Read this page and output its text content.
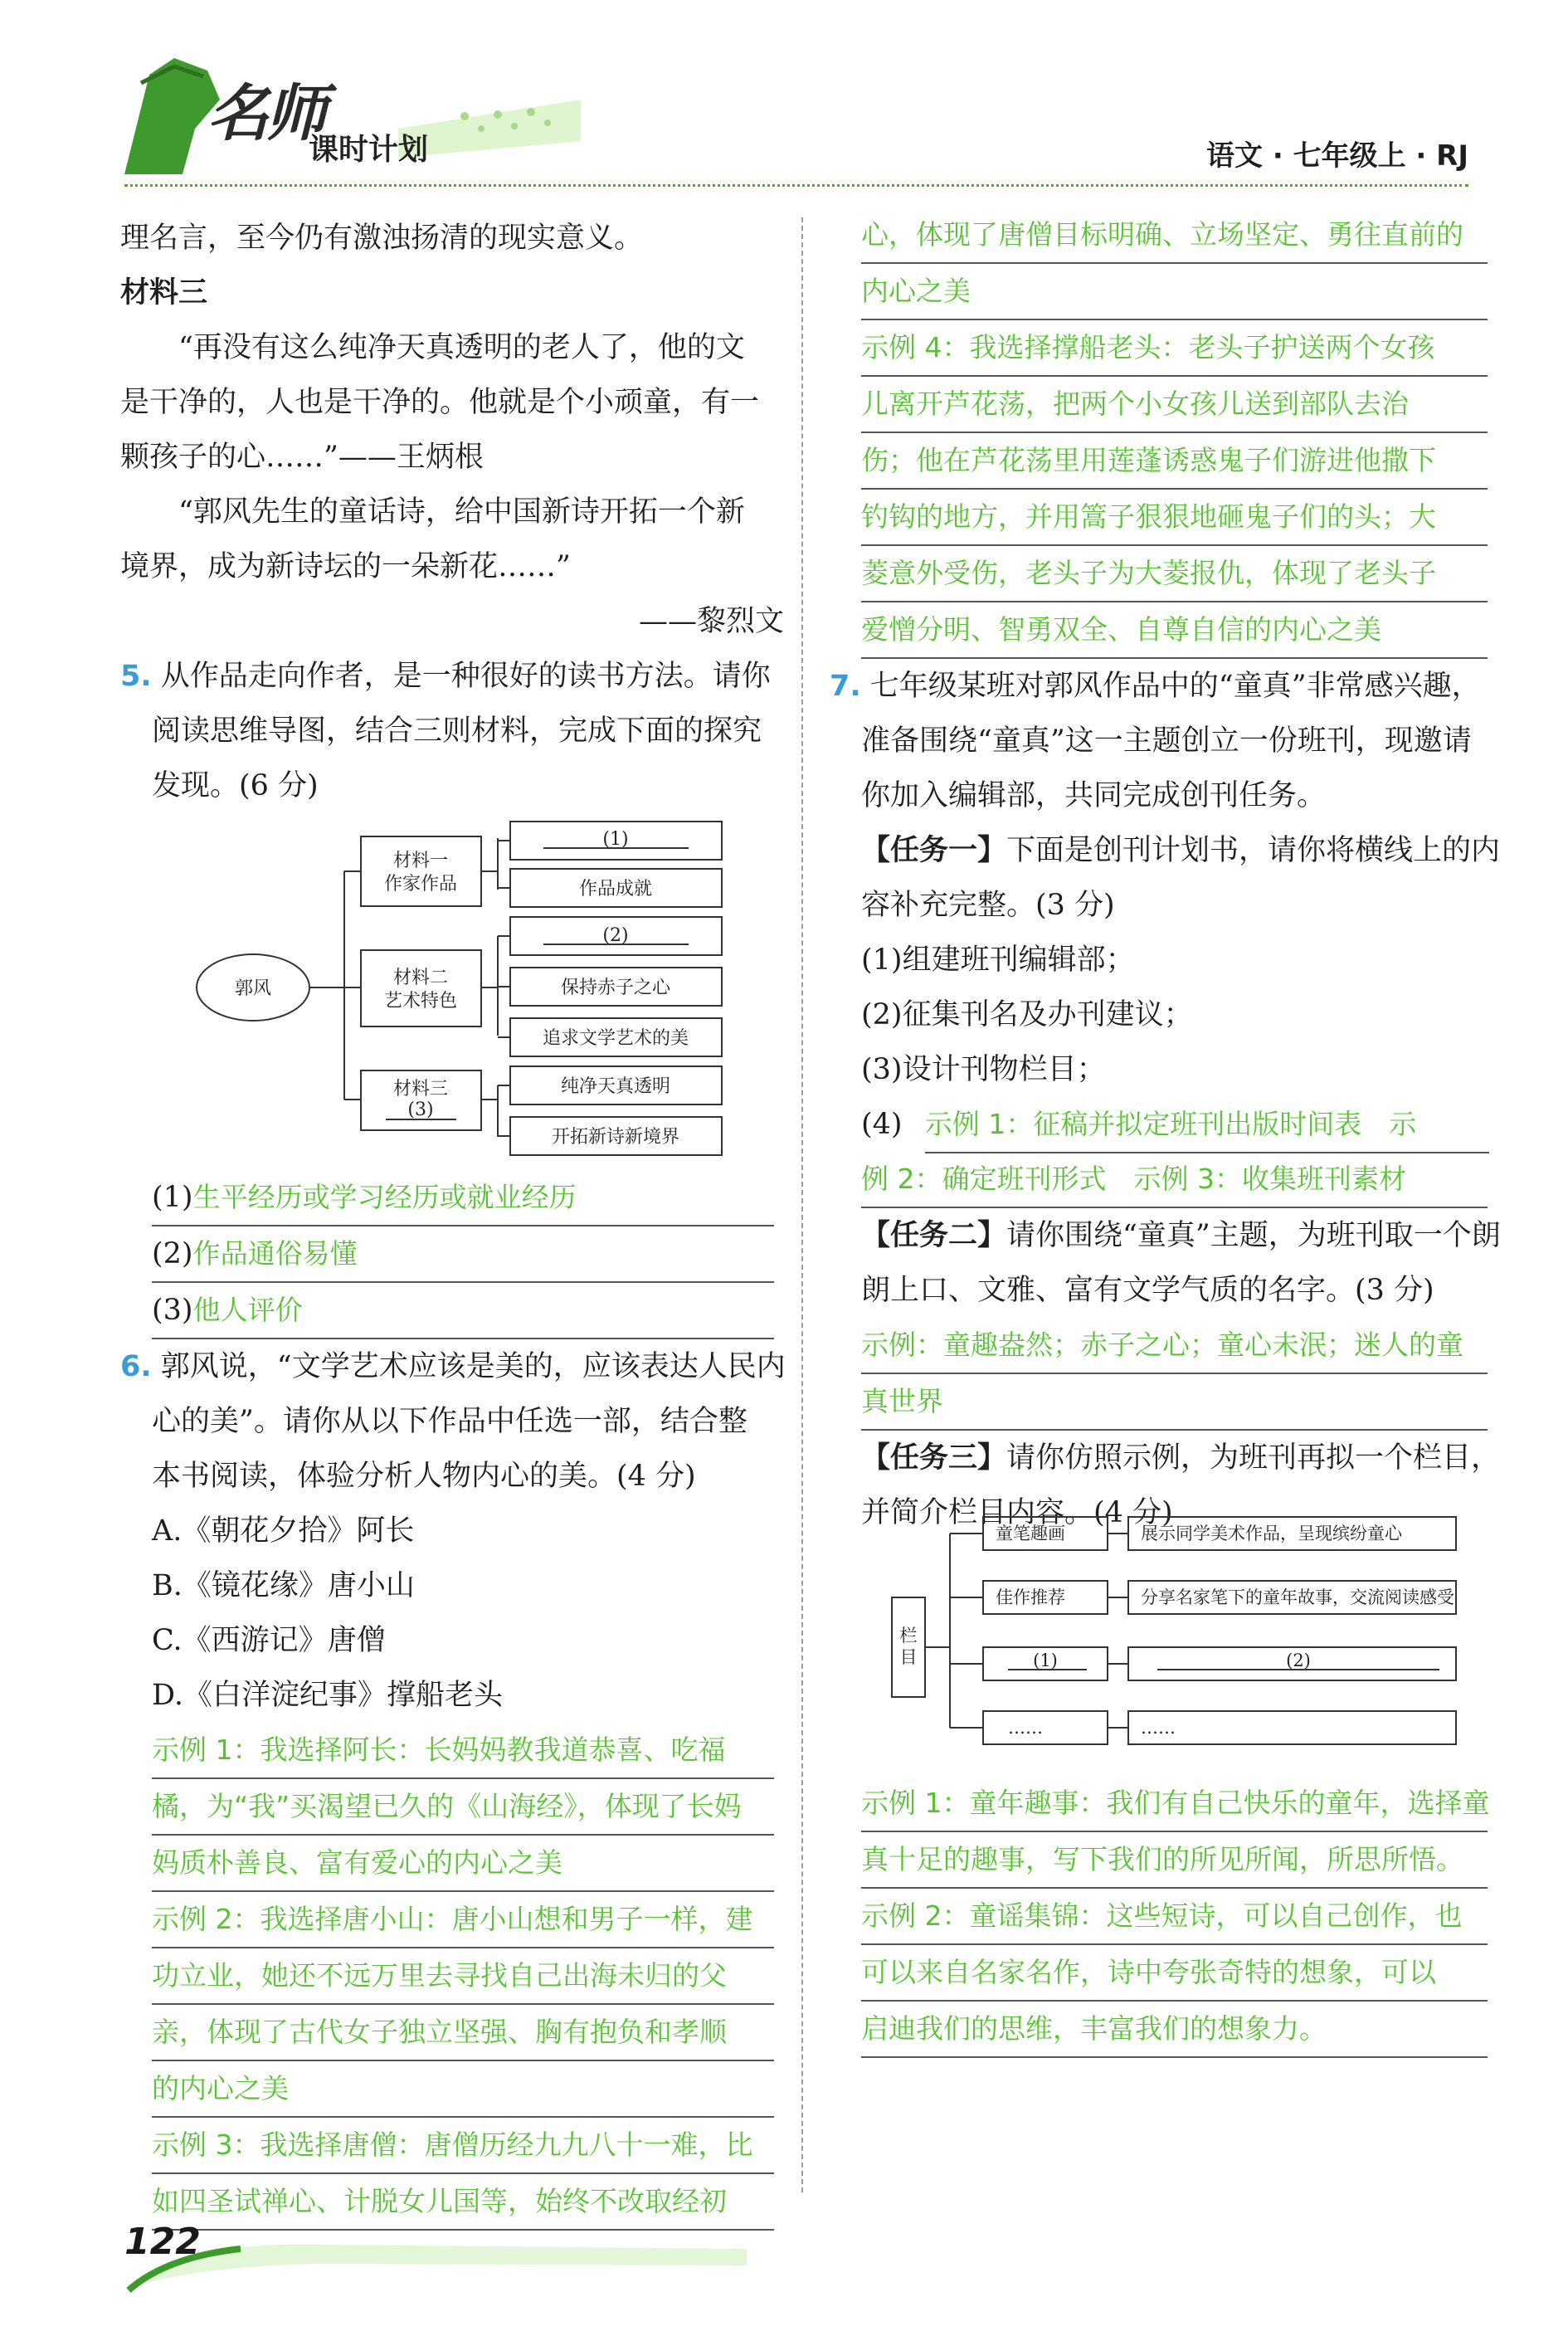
名师
课时计划	语文 · 七年级上 · RJ
理名言，至今仍有激浊扬清的现实意义。
材料三
“再没有这么纯净天真透明的老人了，他的文
是干净的，人也是干净的。他就是个小顽童，有一
颗孩子的心……”——王炳根
“郭风先生的童话诗，给中国新诗开拓一个新
境界，成为新诗坛的一朵新花……”
——黎烈文
5. 从作品走向作者，是一种很好的读书方法。请你
阅读思维导图，结合三则材料，完成下面的探究
发现。(6 分)
郭风
材料一
作家作品
材料二
艺术特色
材料三
(3)
(1)
作品成就
(2)
保持赤子之心
追求文学艺术的美
纯净天真透明
开拓新诗新境界
(1)生平经历或学习经历或就业经历
(2)作品通俗易懂
(3)他人评价
6. 郭风说，“文学艺术应该是美的，应该表达人民内
心的美”。请你从以下作品中任选一部，结合整
本书阅读，体验分析人物内心的美。(4 分)
A.《朝花夕拾》阿长
B.《镜花缘》唐小山
C.《西游记》唐僧
D.《白洋淀纪事》撑船老头
示例 1：我选择阿长：长妈妈教我道恭喜、吃福
橘，为“我”买渴望已久的《山海经》，体现了长妈
妈质朴善良、富有爱心的内心之美
示例 2：我选择唐小山：唐小山想和男子一样，建
功立业，她还不远万里去寻找自己出海未归的父
亲，体现了古代女子独立坚强、胸有抱负和孝顺
的内心之美
示例 3：我选择唐僧：唐僧历经九九八十一难，比
如四圣试禅心、计脱女儿国等，始终不改取经初
心，体现了唐僧目标明确、立场坚定、勇往直前的
内心之美
示例 4：我选择撑船老头：老头子护送两个女孩
儿离开芦花荡，把两个小女孩儿送到部队去治
伤；他在芦花荡里用莲蓬诱惑鬼子们游进他撒下
钓钩的地方，并用篙子狠狠地砸鬼子们的头；大
菱意外受伤，老头子为大菱报仇，体现了老头子
爱憎分明、智勇双全、自尊自信的内心之美
7. 七年级某班对郭风作品中的“童真”非常感兴趣，
准备围绕“童真”这一主题创立一份班刊，现邀请
你加入编辑部，共同完成创刊任务。
【任务一】下面是创刊计划书，请你将横线上的内
容补充完整。(3 分)
(1)组建班刊编辑部；
(2)征集刊名及办刊建议；
(3)设计刊物栏目；
(4) 示例 1：征稿并拟定班刊出版时间表　示
例 2：确定班刊形式　示例 3：收集班刊素材
【任务二】请你围绕“童真”主题，为班刊取一个朗
朗上口、文雅、富有文学气质的名字。(3 分)
示例：童趣盎然；赤子之心；童心未泯；迷人的童
真世界
【任务三】请你仿照示例，为班刊再拟一个栏目，
并简介栏目内容。(4 分)
栏
目
童笔趣画	展示同学美术作品，呈现缤纷童心
佳作推荐	分享名家笔下的童年故事，交流阅读感受
(1)	(2)
……	……
示例 1：童年趣事：我们有自己快乐的童年，选择童
真十足的趣事，写下我们的所见所闻，所思所悟。
示例 2：童谣集锦：这些短诗，可以自己创作，也
可以来自名家名作，诗中夸张奇特的想象，可以
启迪我们的思维，丰富我们的想象力。
122
